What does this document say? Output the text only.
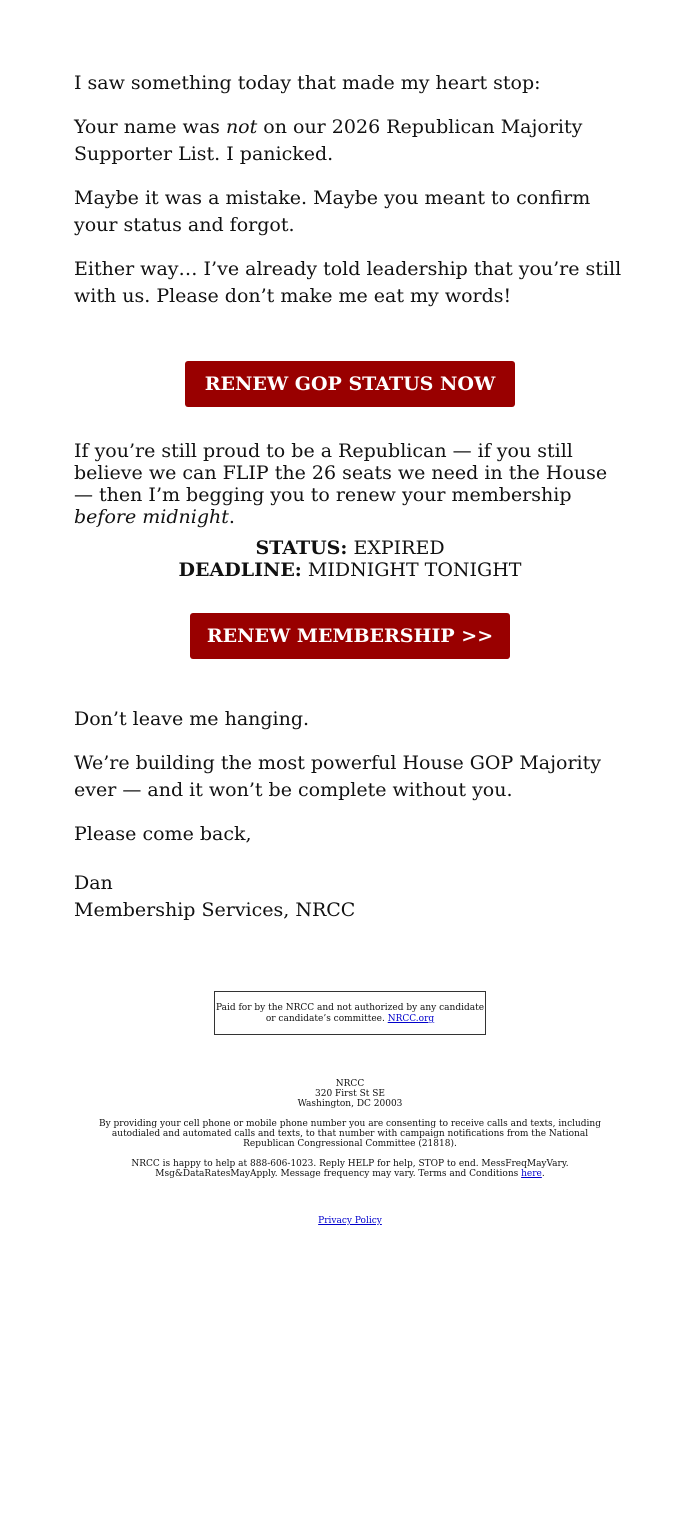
I saw something today that made my heart stop:

Your name was not on our 2026 Republican Majority Supporter List. I panicked.

Maybe it was a mistake. Maybe you meant to confirm your status and forgot.

Either way… I’ve already told leadership that you’re still with us. Please don’t make me eat my words!

RENEW GOP STATUS NOW
If you’re still proud to be a Republican — if you still believe we can FLIP the 26 seats we need in the House — then I’m begging you to renew your membership before midnight.
STATUS: EXPIRED
DEADLINE: MIDNIGHT TONIGHT
RENEW MEMBERSHIP >>

Don’t leave me hanging.

We’re building the most powerful House GOP Majority ever — and it won’t be complete without you.

Please come back,

Dan
Membership Services, NRCC
Paid for by the NRCC and not authorized by any candidate or candidate’s committee. NRCC.org
NRCC
320 First St SE
Washington, DC 20003
By providing your cell phone or mobile phone number you are consenting to receive calls and texts, including autodialed and automated calls and texts, to that number with campaign notifications from the National Republican Congressional Committee (21818).
NRCC is happy to help at 888-606-1023. Reply HELP for help, STOP to end. MessFreqMayVary. Msg&DataRatesMayApply. Message frequency may vary. Terms and Conditions here.
Privacy Policy
